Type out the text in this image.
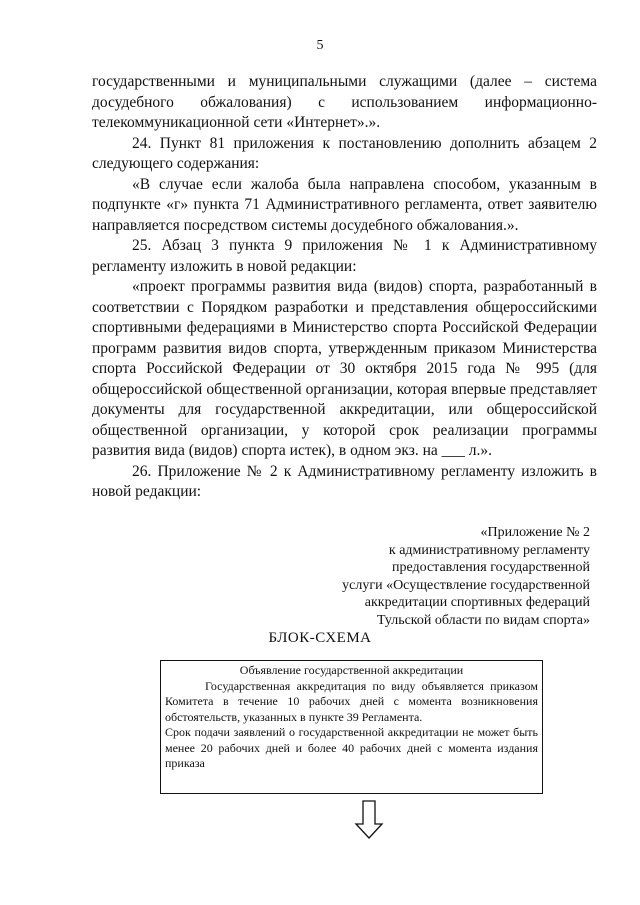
5

государственными и муниципальными служащими (далее – система досудебного обжалования) с использованием информационно-телекоммуникационной сети «Интернет».».

24. Пункт 81 приложения к постановлению дополнить абзацем 2 следующего содержания:

«В случае если жалоба была направлена способом, указанным в подпункте «г» пункта 71 Административного регламента, ответ заявителю направляется посредством системы досудебного обжалования.».

25. Абзац 3 пункта 9 приложения № 1 к Административному регламенту изложить в новой редакции:

«проект программы развития вида (видов) спорта, разработанный в соответствии с Порядком разработки и представления общероссийскими спортивными федерациями в Министерство спорта Российской Федерации программ развития видов спорта, утвержденным приказом Министерства спорта Российской Федерации от 30 октября 2015 года № 995 (для общероссийской общественной организации, которая впервые представляет документы для государственной аккредитации, или общероссийской общественной организации, у которой срок реализации программы развития вида (видов) спорта истек), в одном экз. на ___ л.».

26. Приложение № 2 к Административному регламенту изложить в новой редакции:

«Приложение № 2
к административному регламенту
предоставления государственной
услуги «Осуществление государственной
аккредитации спортивных федераций
Тульской области по видам спорта»
БЛОК-СХЕМА
Объявление государственной аккредитации

Государственная аккредитация по виду объявляется приказом Комитета в течение 10 рабочих дней с момента возникновения обстоятельств, указанных в пункте 39 Регламента.

Срок подачи заявлений о государственной аккредитации не может быть менее 20 рабочих дней и более 40 рабочих дней с момента издания приказа
